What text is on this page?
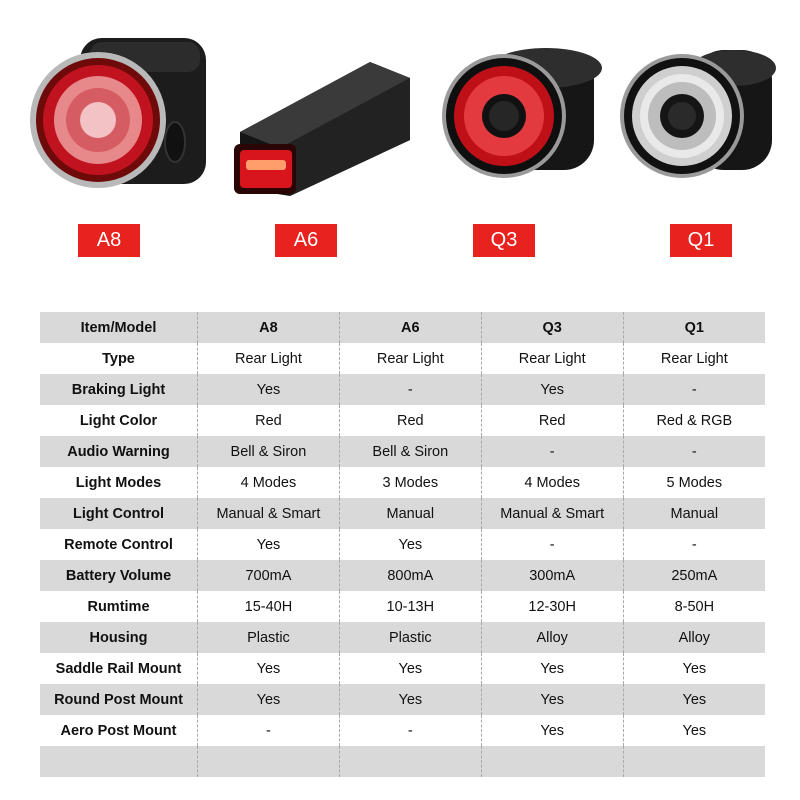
A8	A6	Q3	Q1
Item/Model	A8	A6	Q3	Q1
Type	Rear Light	Rear Light	Rear Light	Rear Light
Braking Light	Yes	-	Yes	-
Light Color	Red	Red	Red	Red & RGB
Audio Warning	Bell & Siron	Bell & Siron	-	-
Light Modes	4 Modes	3 Modes	4 Modes	5 Modes
Light Control	Manual & Smart	Manual	Manual & Smart	Manual
Remote Control	Yes	Yes	-	-
Battery Volume	700mA	800mA	300mA	250mA
Rumtime	15-40H	10-13H	12-30H	8-50H
Housing	Plastic	Plastic	Alloy	Alloy
Saddle Rail Mount	Yes	Yes	Yes	Yes
Round Post Mount	Yes	Yes	Yes	Yes
Aero Post Mount	-	-	Yes	Yes
